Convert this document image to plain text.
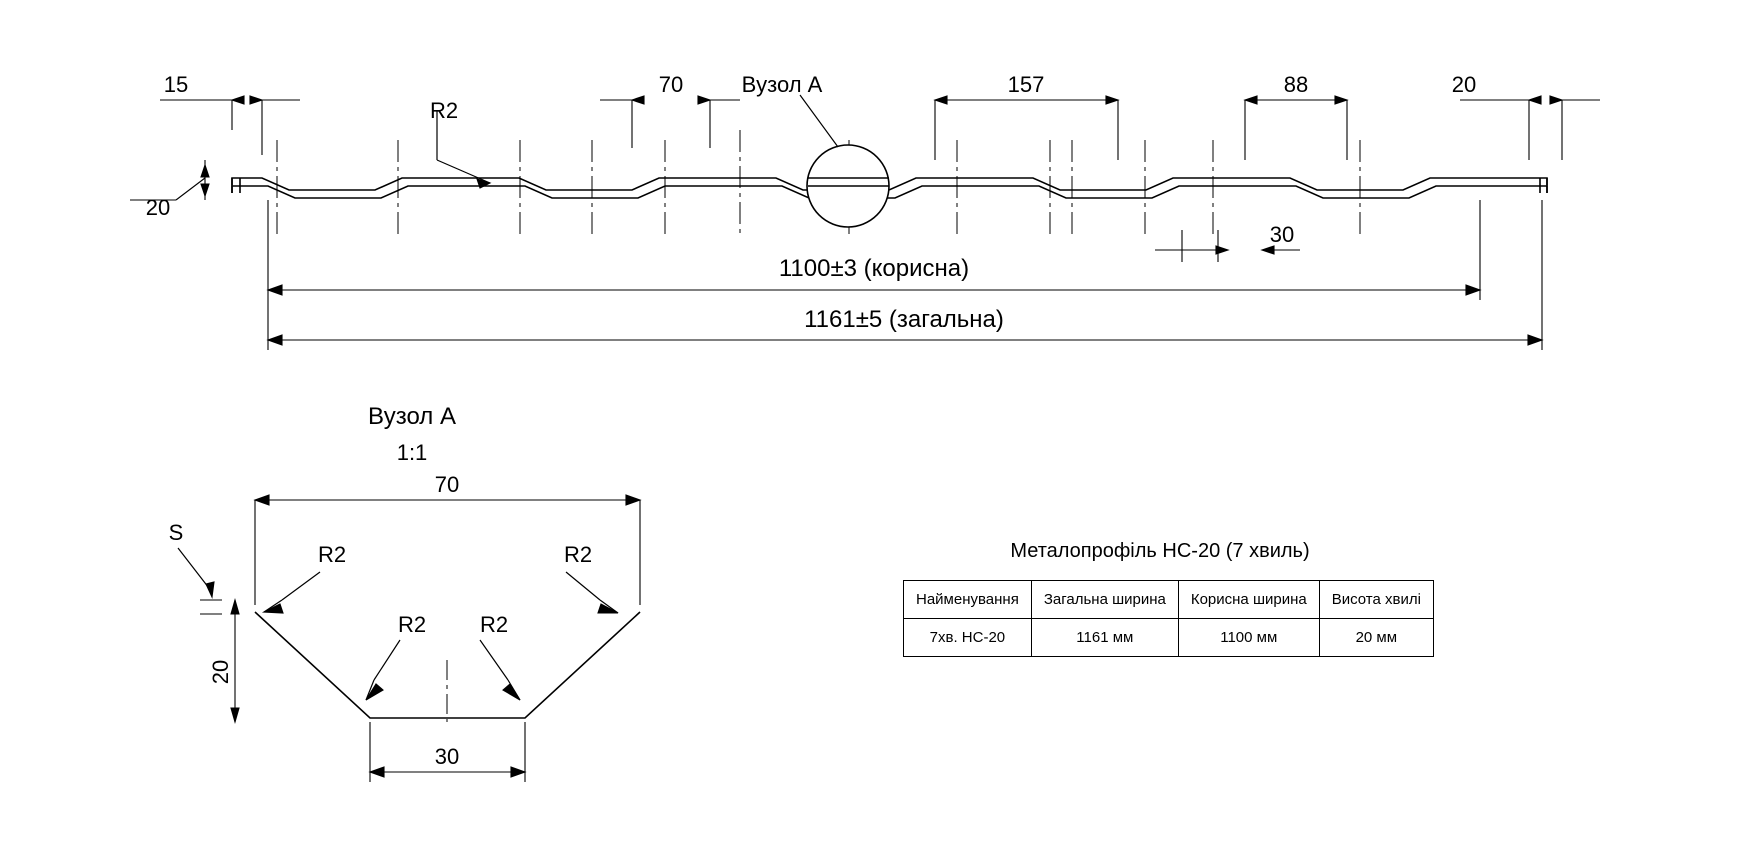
15
20
R2
70	Вузол А	157	88	20
30
1100±3 (корисна)
1161±5 (загальна)
Вузол А
1:1
70
S
20
30
R2	R2
R2 R2
Металопрофіль НС-20 (7 хвиль)
Найменування	Загальна ширина	Корисна ширина	Висота хвилі
7хв. НС-20	1161 мм	1100 мм	20 мм
